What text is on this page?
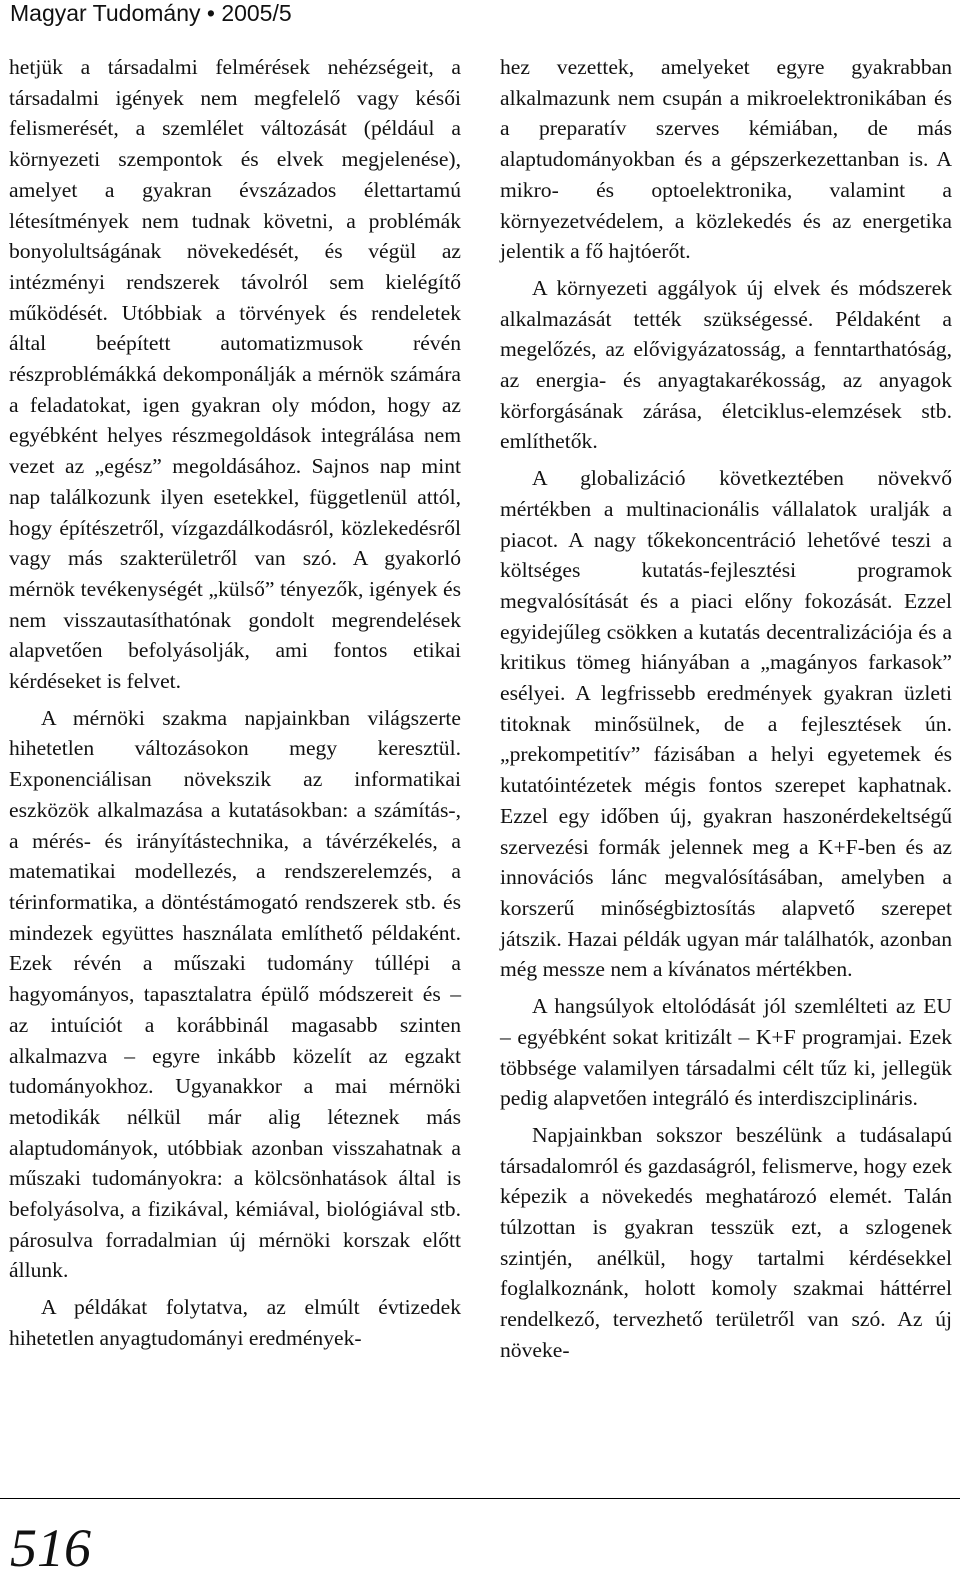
Magyar Tudomány • 2005/5

hetjük a társadalmi felmérések nehézségeit, a társadalmi igények nem megfelelő vagy késői felismerését, a szemlélet változását (például a környezeti szempontok és elvek megjelenése), amelyet a gyakran évszázados élettartamú létesítmények nem tudnak követni, a problémák bonyolultságának növekedését, és végül az intézményi rendszerek távolról sem kielégítő működését. Utóbbiak a törvények és rendeletek által beépített automatizmusok révén részproblémákká dekomponálják a mérnök számára a feladatokat, igen gyakran oly módon, hogy az egyébként helyes részmegoldások integrálása nem vezet az „egész” megoldásához. Sajnos nap mint nap találkozunk ilyen esetekkel, függetlenül attól, hogy építészetről, vízgazdálkodásról, közlekedésről vagy más szakterületről van szó. A gyakorló mérnök tevékenységét „külső” tényezők, igények és nem visszautasíthatónak gondolt megrendelések alapvetően befolyásolják, ami fontos etikai kérdéseket is felvet.

A mérnöki szakma napjainkban világszerte hihetetlen változásokon megy keresztül. Exponenciálisan növekszik az informatikai eszközök alkalmazása a kutatásokban: a számítás-, a mérés- és irányítástechnika, a távérzékelés, a matematikai modellezés, a rendszerelemzés, a térinformatika, a döntéstámogató rendszerek stb. és mindezek együttes használata említhető példaként. Ezek révén a műszaki tudomány túllépi a hagyományos, tapasztalatra épülő módszereit és – az intuíciót a korábbinál magasabb szinten alkalmazva – egyre inkább közelít az egzakt tudományokhoz. Ugyanakkor a mai mérnöki metodikák nélkül már alig léteznek más alaptudományok, utóbbiak azonban visszahatnak a műszaki tudományokra: a kölcsönhatások által is befolyásolva, a fizikával, kémiával, biológiával stb. párosulva forradalmian új mérnöki korszak előtt állunk.

A példákat folytatva, az elmúlt évtizedek hihetetlen anyagtudományi eredmények-

hez vezettek, amelyeket egyre gyakrabban alkalmazunk nem csupán a mikroelektronikában és a preparatív szerves kémiában, de más alaptudományokban és a gépszerkezettanban is. A mikro- és optoelektronika, valamint a környezetvédelem, a közlekedés és az energetika jelentik a fő hajtóerőt.

A környezeti aggályok új elvek és módszerek alkalmazását tették szükségessé. Példaként a megelőzés, az elővigyázatosság, a fenntarthatóság, az energia- és anyagtakarékosság, az anyagok körforgásának zárása, életciklus-elemzések stb. említhetők.

A globalizáció következtében növekvő mértékben a multinacionális vállalatok uralják a piacot. A nagy tőkekoncentráció lehetővé teszi a költséges kutatás-fejlesztési programok megvalósítását és a piaci előny fokozását. Ezzel egyidejűleg csökken a kutatás decentralizációja és a kritikus tömeg hiányában a „magányos farkasok” esélyei. A legfrissebb eredmények gyakran üzleti titoknak minősülnek, de a fejlesztések ún. „prekompetitív” fázisában a helyi egyetemek és kutatóintézetek mégis fontos szerepet kaphatnak. Ezzel egy időben új, gyakran haszonérdekeltségű szervezési formák jelennek meg a K+F-ben és az innovációs lánc megvalósításában, amelyben a korszerű minőségbiztosítás alapvető szerepet játszik. Hazai példák ugyan már találhatók, azonban még messze nem a kívánatos mértékben.

A hangsúlyok eltolódását jól szemlélteti az EU – egyébként sokat kritizált – K+F programjai. Ezek többsége valamilyen társadalmi célt tűz ki, jellegük pedig alapvetően integráló és interdiszciplináris.

Napjainkban sokszor beszélünk a tudásalapú társadalomról és gazdaságról, felismerve, hogy ezek képezik a növekedés meghatározó elemét. Talán túlzottan is gyakran tesszük ezt, a szlogenek szintjén, anélkül, hogy tartalmi kérdésekkel foglalkoznánk, holott komoly szakmai háttérrel rendelkező, tervezhető területről van szó. Az új növeke-

516
